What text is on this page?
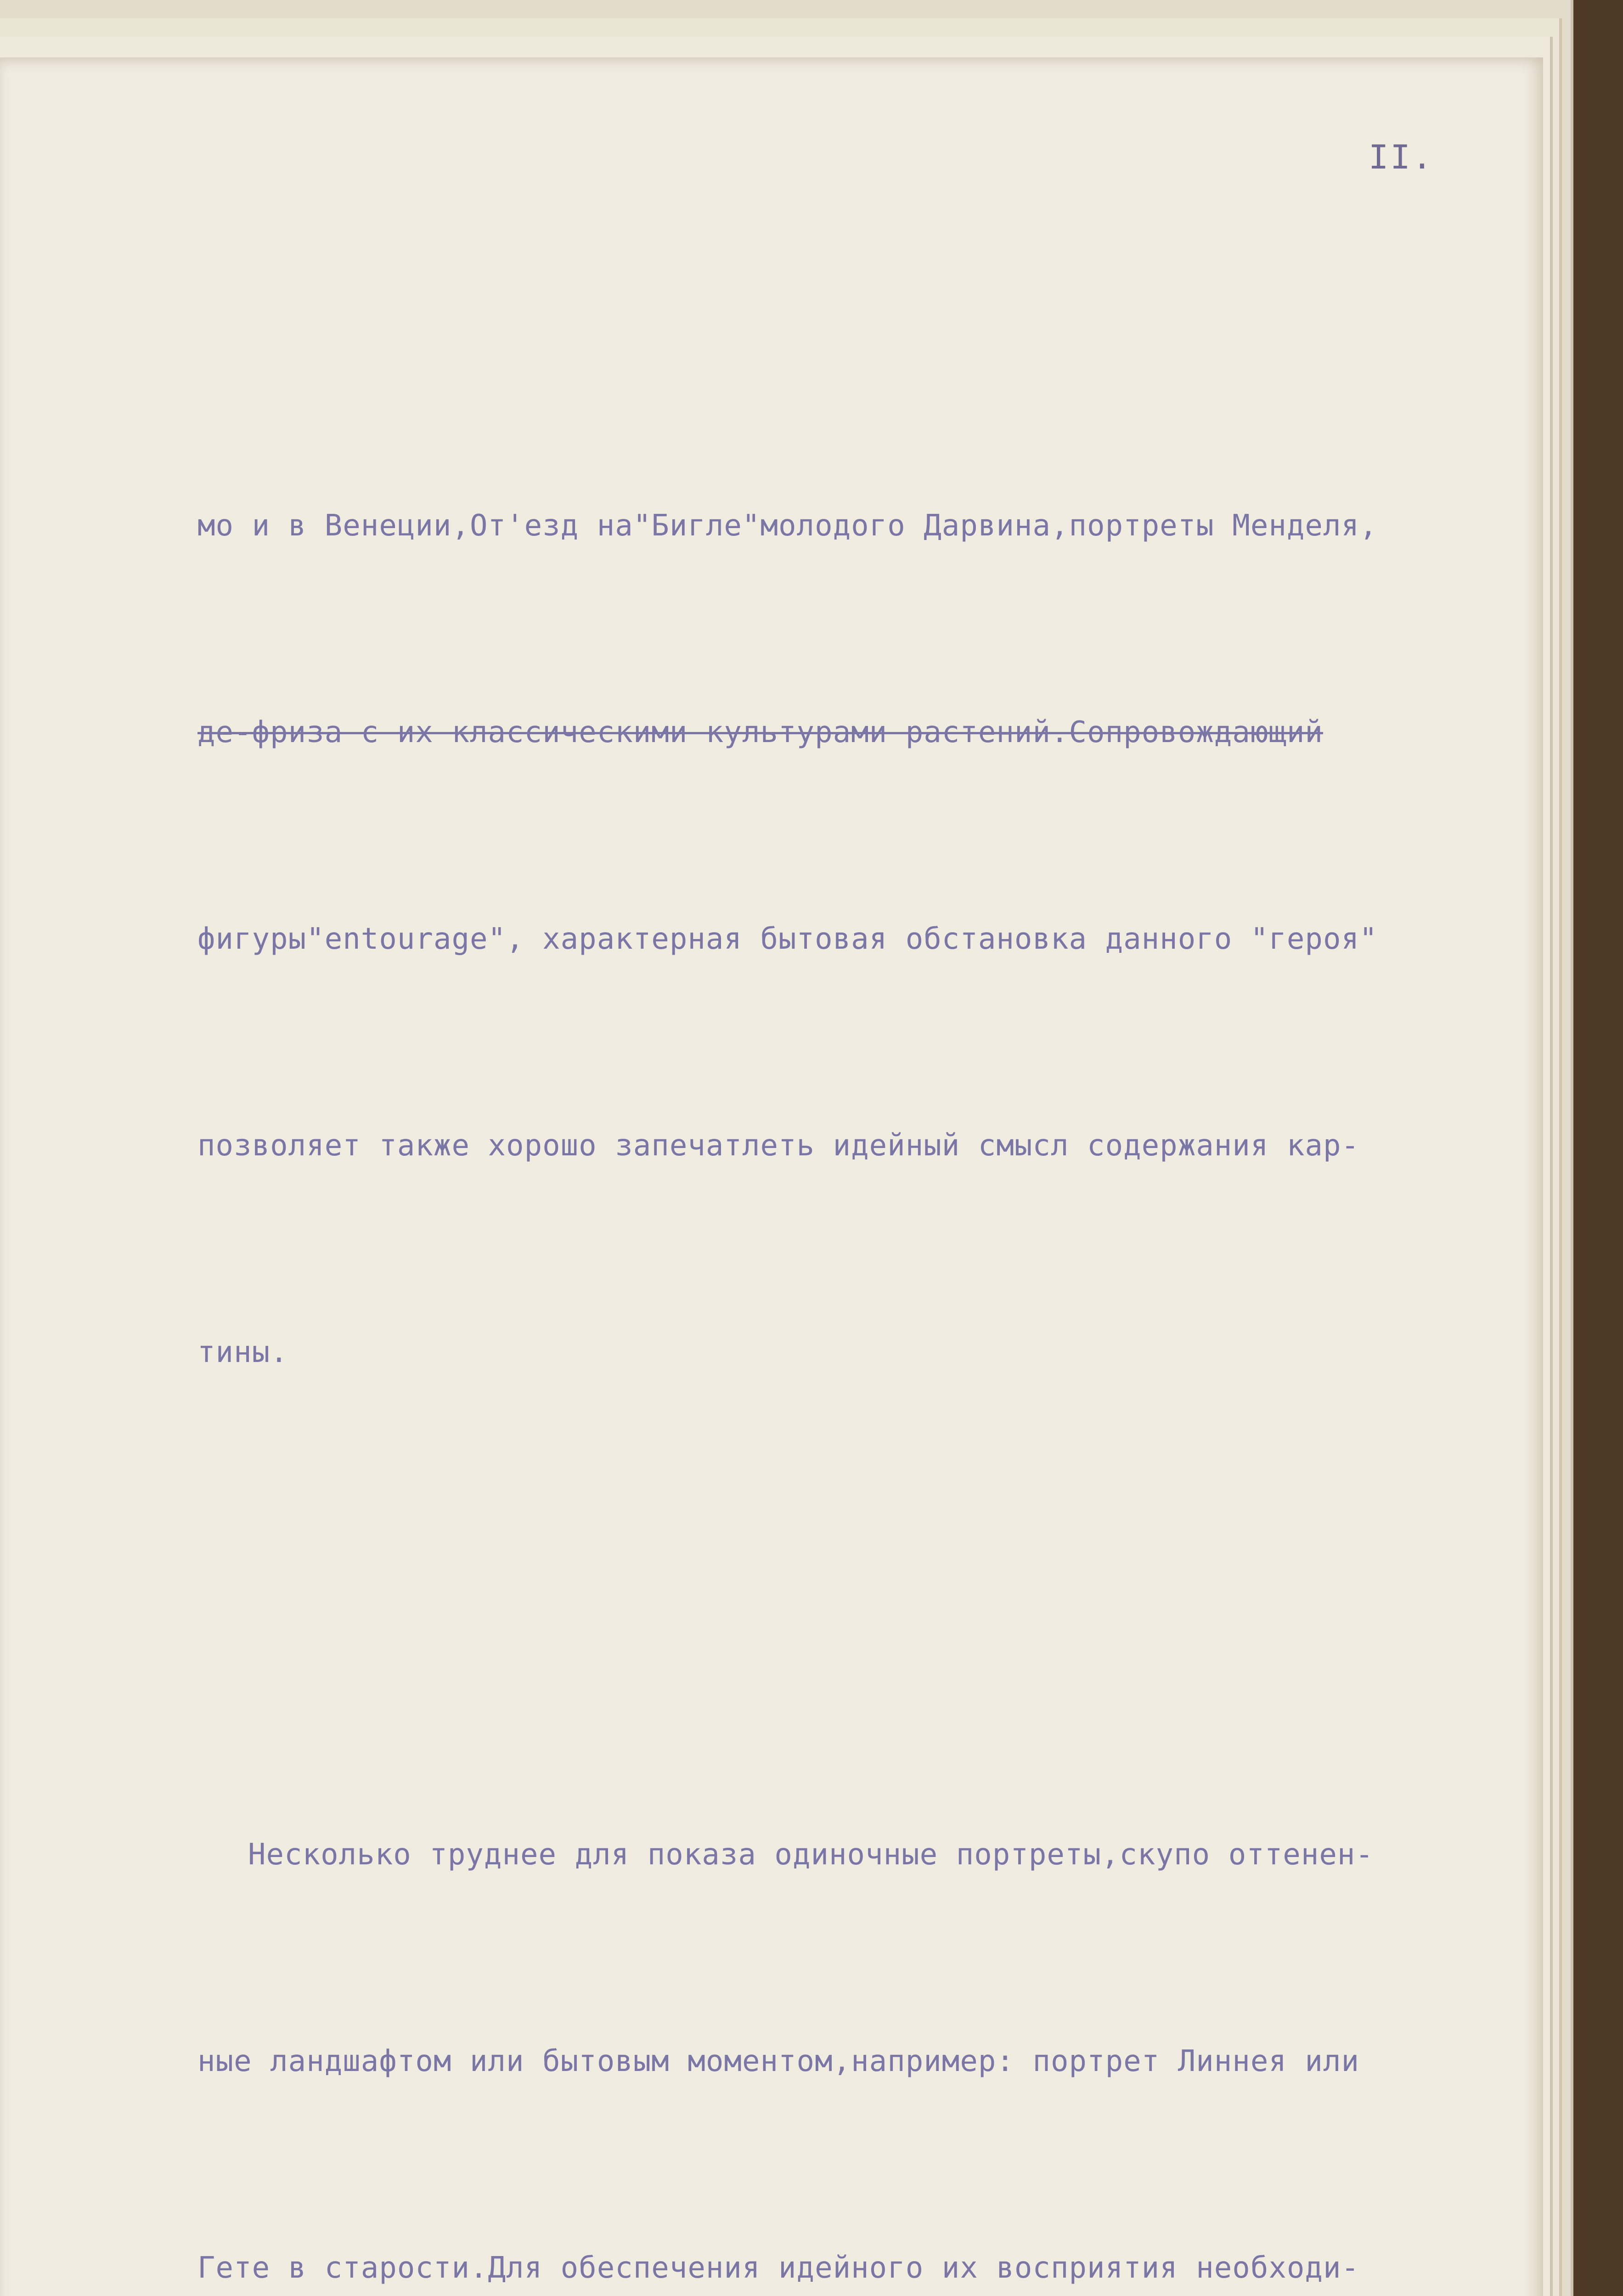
II.

мо и в Венеции,От'езд на"Бигле"молодого Дарвина,портреты Менделя,

де-фриза с их классическими культурами растений.Сопровождающий

фигуры"entourage", характерная бытовая обстановка данного "героя"

позволяет также хорошо запечатлеть идейный смысл содержания кар-

тины.

Несколько труднее для показа одиночные портреты,скупо оттенен-

ные ландшафтом или бытовым моментом,например: портрет Линнея или

Гете в старости.Для обеспечения идейного их восприятия необходи-
